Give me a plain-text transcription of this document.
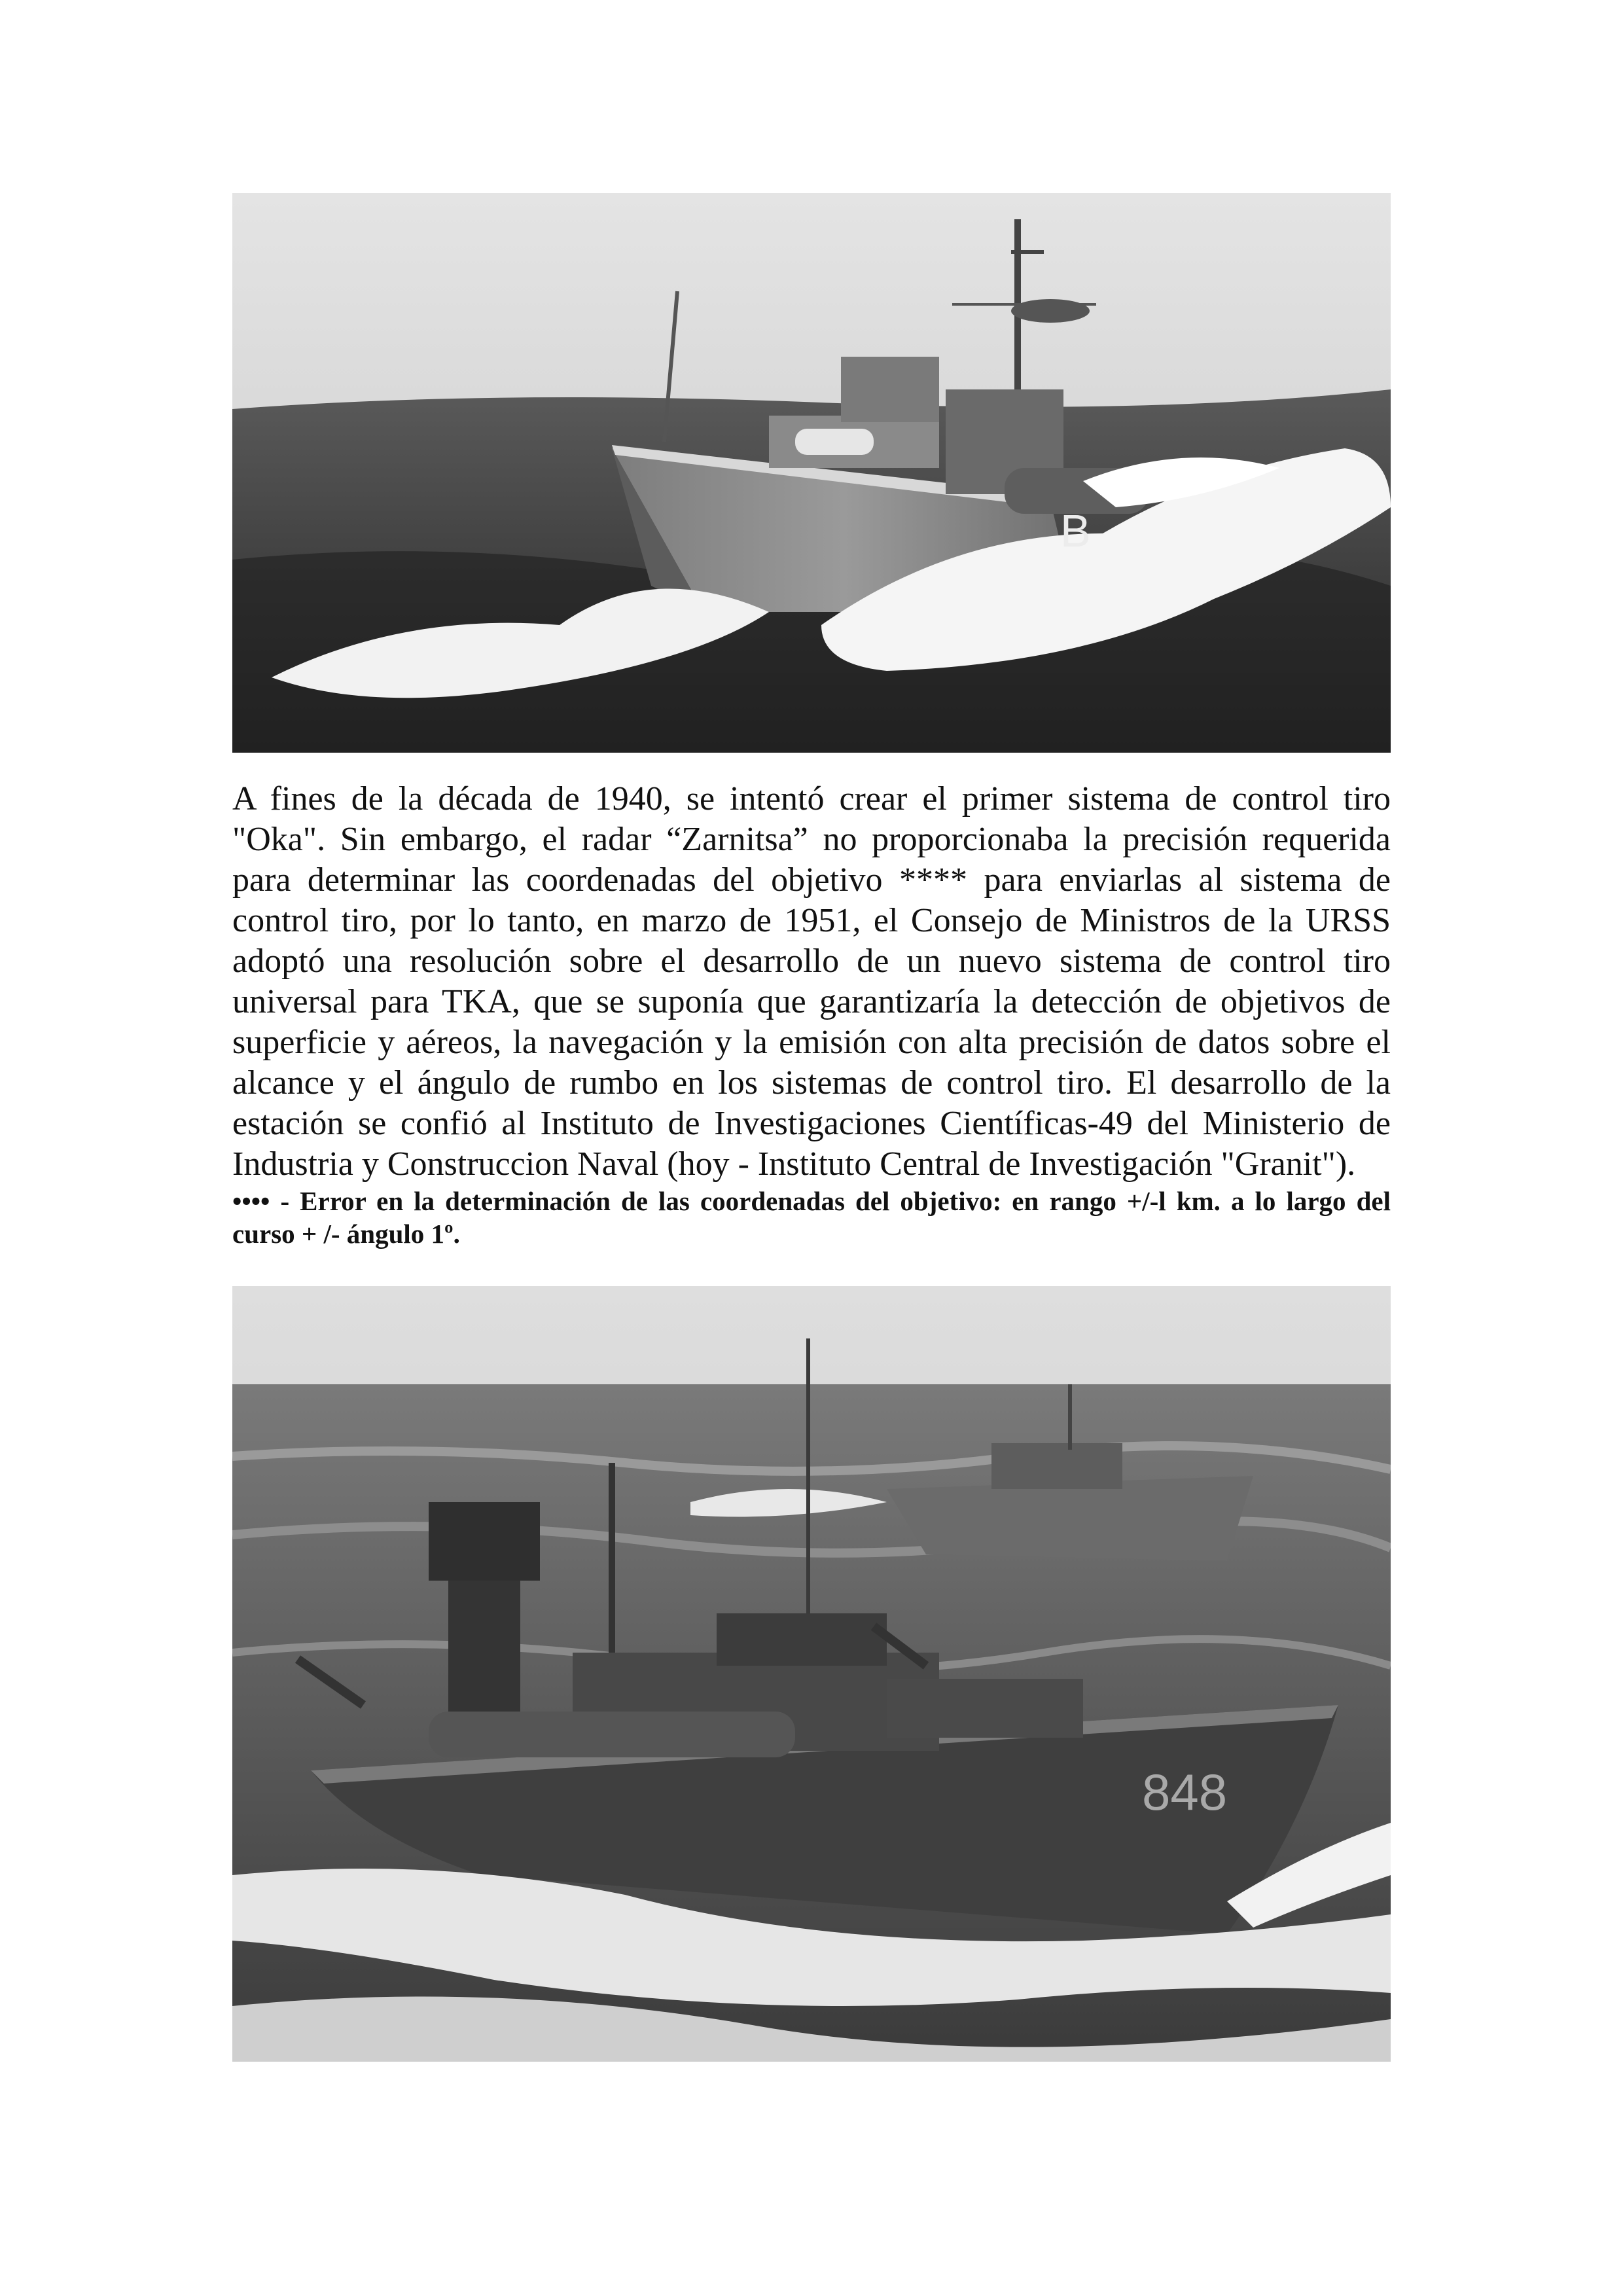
B

A fines de la década de 1940, se intentó crear el primer sistema de control tiro "Oka". Sin embargo, el radar “Zarnitsa” no proporcionaba la precisión requerida para determinar las coordenadas del objetivo **** para enviarlas al sistema de control tiro, por lo tanto, en marzo de 1951, el Consejo de Ministros de la URSS adoptó una resolución sobre el desarrollo de un nuevo sistema de control tiro universal para TKA, que se suponía que garantizaría la detección de objetivos de superficie y aéreos, la navegación y la emisión con alta precisión de datos sobre el alcance y el ángulo de rumbo en los sistemas de control tiro. El desarrollo de la estación se confió al Instituto de Investigaciones Científicas-49 del Ministerio de Industria y Construccion Naval (hoy - Instituto Central de Investigación "Granit").

•••• - Error en la determinación de las coordenadas del objetivo: en rango +/-l km. a lo largo del curso + /- ángulo 1º.

848
